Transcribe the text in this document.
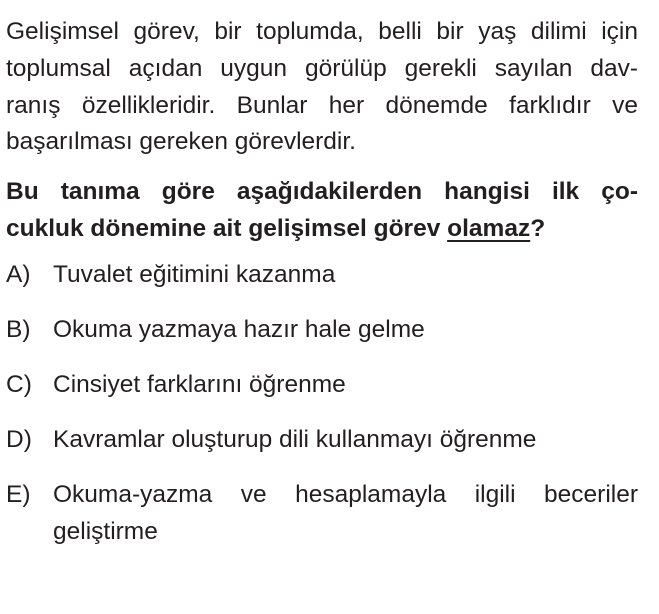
Gelişimsel görev, bir toplumda, belli bir yaş dilimi için
toplumsal açıdan uygun görülüp gerekli sayılan dav-
ranış özellikleridir. Bunlar her dönemde farklıdır ve
başarılması gereken görevlerdir.
Bu tanıma göre aşağıdakilerden hangisi ilk ço-
cukluk dönemine ait gelişimsel görev olamaz?
A) Tuvalet eğitimini kazanma
B) Okuma yazmaya hazır hale gelme
C) Cinsiyet farklarını öğrenme
D) Kavramlar oluşturup dili kullanmayı öğrenme
E) Okuma-yazma ve hesaplamayla ilgili beceriler
geliştirme
